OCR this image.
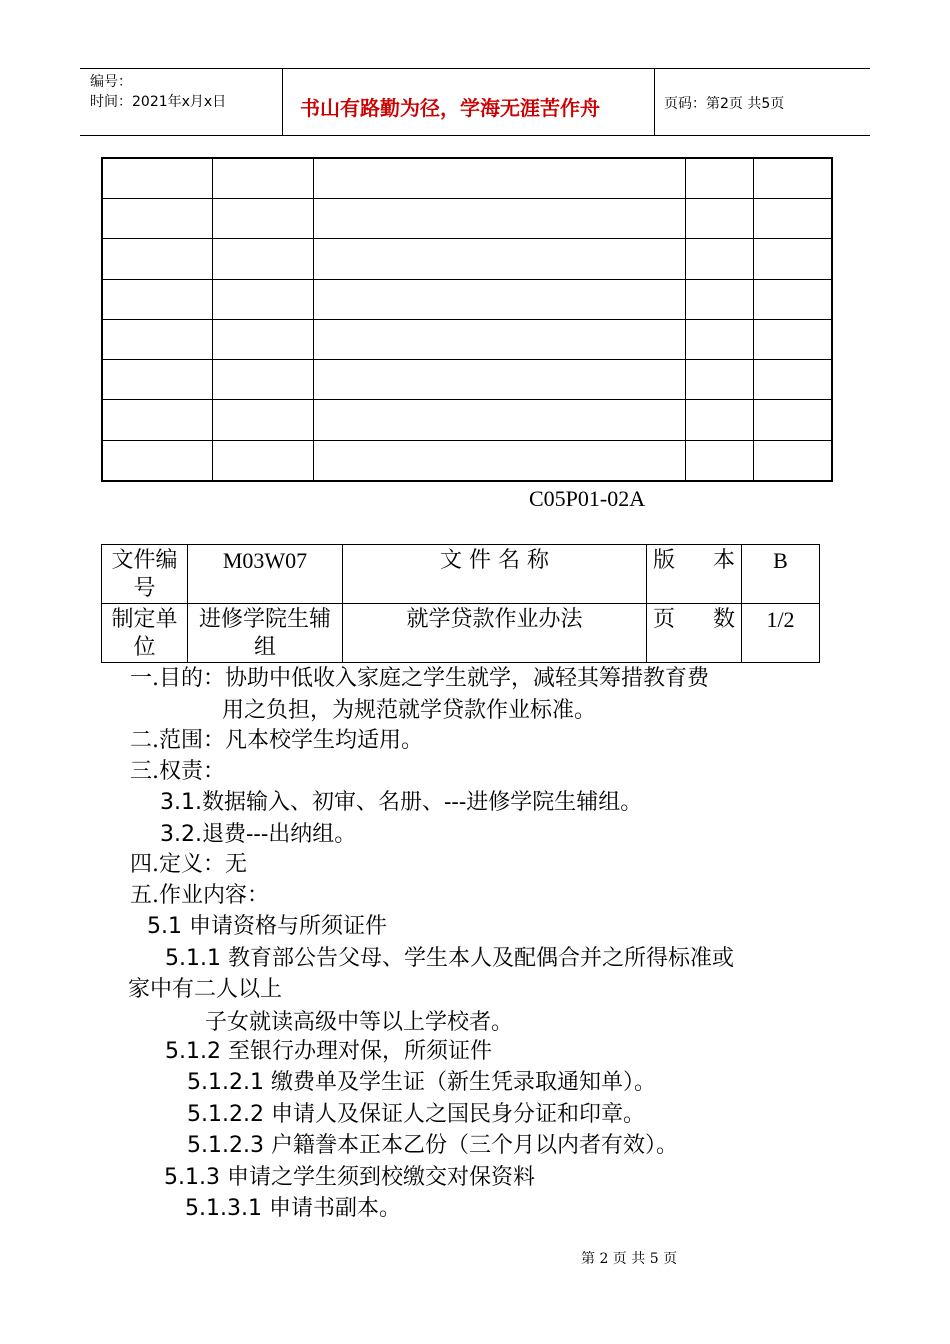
编号：
时间：2021年x月x日	书山有路勤为径，学海无涯苦作舟	页码：第2页 共5页

C05P01-02A
文件编号	M03W07	文 件 名 称	版本	B
制定单位	进修学院生辅组	就学贷款作业办法	页数	1/2
一.目的：协助中低收入家庭之学生就学，减轻其筹措教育费
用之负担，为规范就学贷款作业标准。
二.范围：凡本校学生均适用。
三.权责：
3.1.数据输入、初审、名册、---进修学院生辅组。
3.2.退费---出纳组。
四.定义：无
五.作业内容：
5.1 申请资格与所须证件
5.1.1 教育部公告父母、学生本人及配偶合并之所得标准或
家中有二人以上
子女就读高级中等以上学校者。
5.1.2 至银行办理对保，所须证件
5.1.2.1 缴费单及学生证（新生凭录取通知单）。
5.1.2.2 申请人及保证人之国民身分证和印章。
5.1.2.3 户籍誊本正本乙份（三个月以内者有效）。
5.1.3 申请之学生须到校缴交对保资料
5.1.3.1 申请书副本。
第 2 页 共 5 页
